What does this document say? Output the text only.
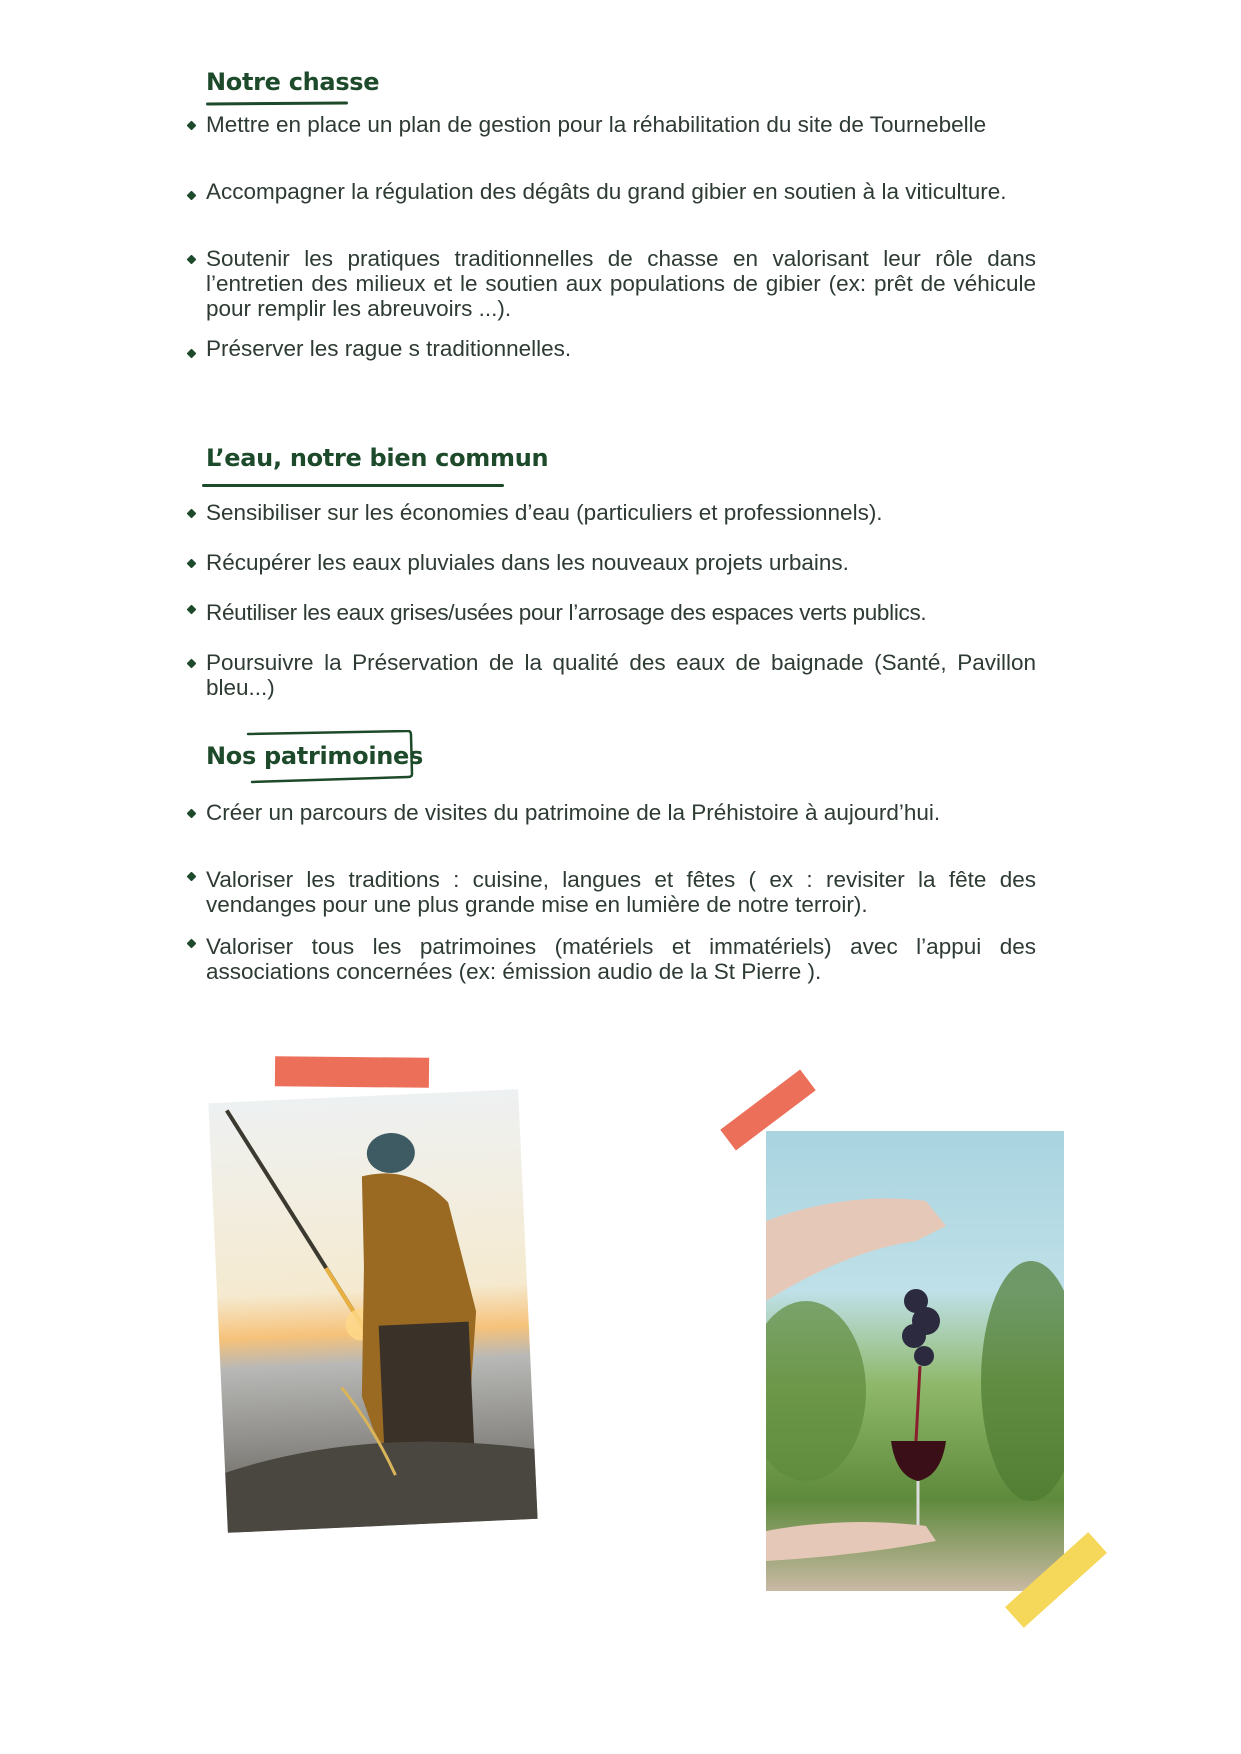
Notre chasse

Mettre en place un plan de gestion pour la réhabilitation du site de Tournebelle

Accompagner la régulation des dégâts du grand gibier en soutien à la viticulture.

Soutenir les pratiques traditionnelles de chasse en valorisant leur rôle dans l’entretien des milieux et le soutien aux populations de gibier (ex: prêt de véhicule pour remplir les abreuvoirs ...).

Préserver les rague s traditionnelles.

L’eau, notre bien commun

Sensibiliser sur les économies d’eau (particuliers et professionnels).

Récupérer les eaux pluviales dans les nouveaux projets urbains.

Réutiliser les eaux grises/usées pour l’arrosage des espaces verts publics.

Poursuivre la Préservation de la qualité des eaux de baignade (Santé, Pavillon bleu...)

Nos patrimoines

Créer un parcours de visites du patrimoine de la Préhistoire à aujourd’hui.

Valoriser les traditions : cuisine, langues et fêtes ( ex : revisiter la fête des vendanges pour une plus grande mise en lumière de notre terroir).

Valoriser tous les patrimoines (matériels et immatériels) avec l’appui des associations concernées (ex: émission audio de la St Pierre ).
